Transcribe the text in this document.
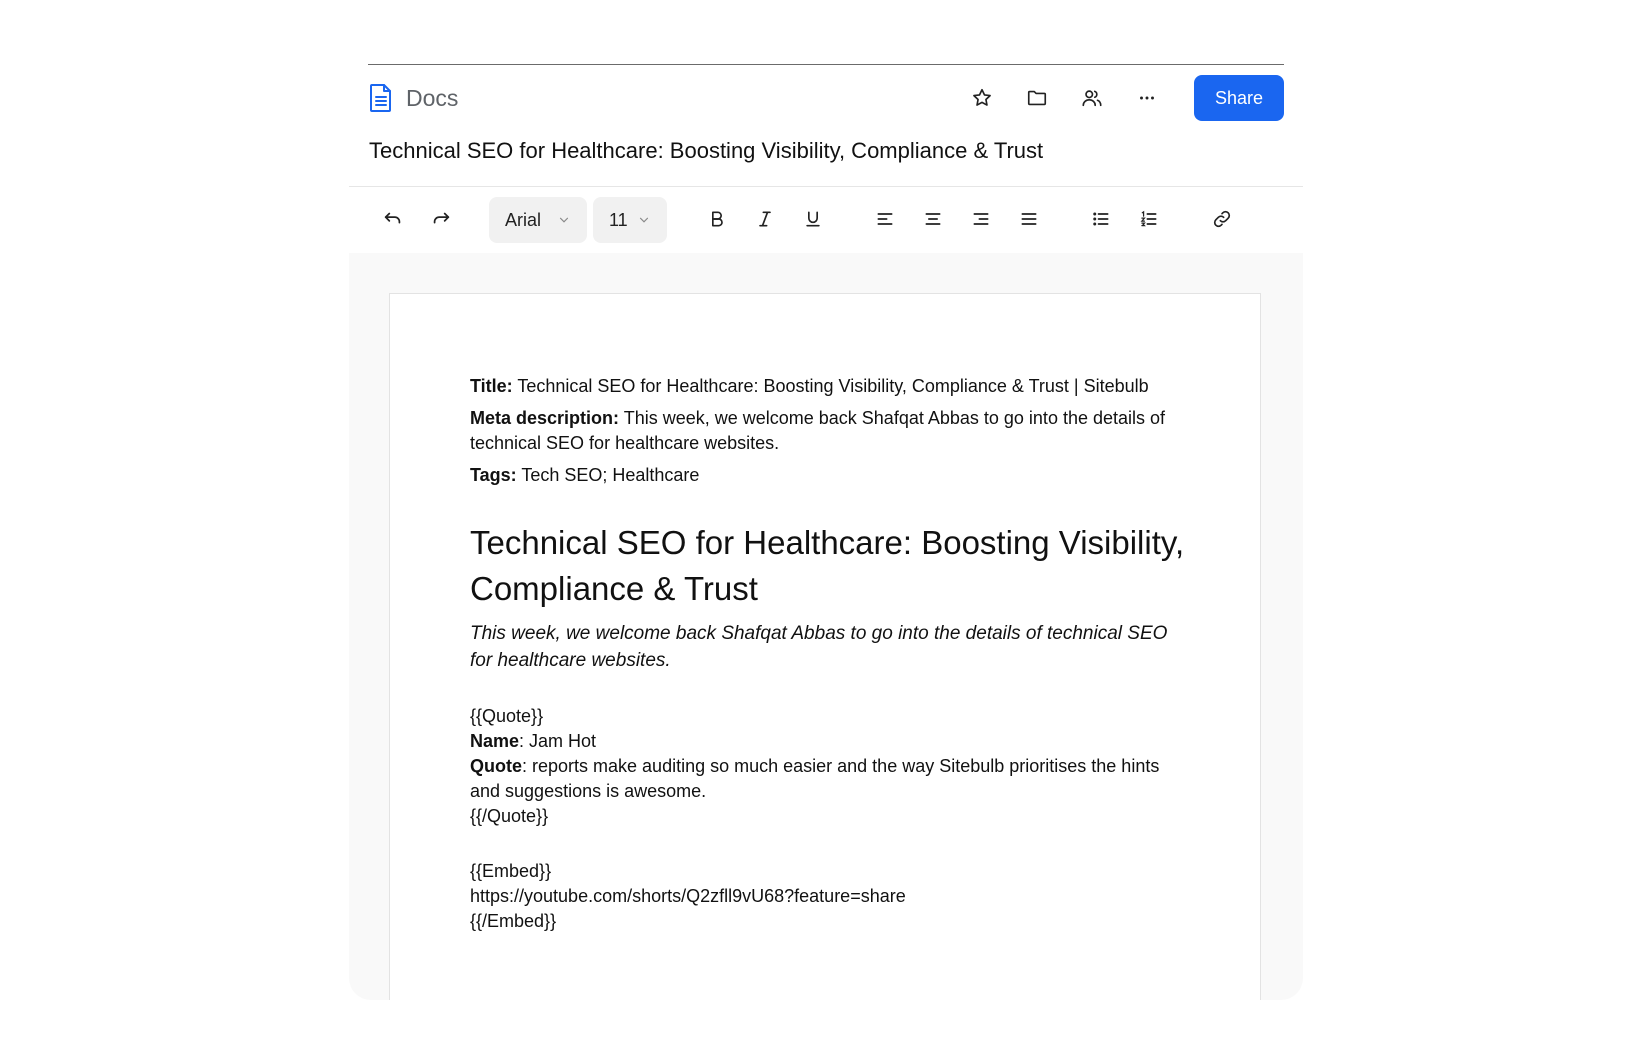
Docs	Share
Technical SEO for Healthcare: Boosting Visibility, Compliance & Trust
Arial	11
Title: Technical SEO for Healthcare: Boosting Visibility, Compliance & Trust | Sitebulb
Meta description: This week, we welcome back Shafqat Abbas to go into the details of technical SEO for healthcare websites.
Tags: Tech SEO; Healthcare
Technical SEO for Healthcare: Boosting Visibility, Compliance & Trust
This week, we welcome back Shafqat Abbas to go into the details of technical SEO for healthcare websites.
{{Quote}}
Name: Jam Hot
Quote: reports make auditing so much easier and the way Sitebulb prioritises the hints and suggestions is awesome.
{{/Quote}}
{{Embed}}
https://youtube.com/shorts/Q2zfll9vU68?feature=share
{{/Embed}}
